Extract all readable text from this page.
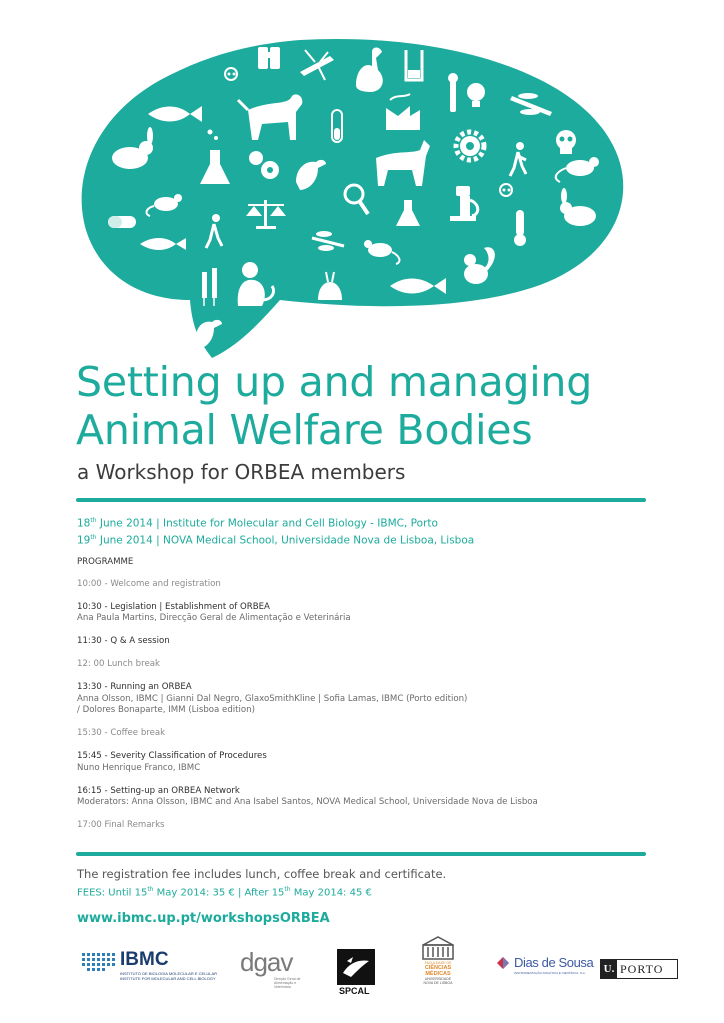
Setting up and managing
Animal Welfare Bodies

a Workshop for ORBEA members

18th June 2014 | Institute for Molecular and Cell Biology - IBMC, Porto
19th June 2014 | NOVA Medical School, Universidade Nova de Lisboa, Lisboa
PROGRAMME
10:00 - Welcome and registration
10:30 - Legislation | Establishment of ORBEA
Ana Paula Martins, Direcção Geral de Alimentação e Veterinária
11:30 - Q & A session
12: 00 Lunch break
13:30 - Running an ORBEA
Anna Olsson, IBMC | Gianni Dal Negro, GlaxoSmithKline | Sofia Lamas, IBMC (Porto edition)
/ Dolores Bonaparte, IMM (Lisboa edition)
15:30 - Coffee break
15:45 - Severity Classification of Procedures
Nuno Henrique Franco, IBMC
16:15 - Setting-up an ORBEA Network
Moderators: Anna Olsson, IBMC and Ana Isabel Santos, NOVA Medical School, Universidade Nova de Lisboa
17:00 Final Remarks
The registration fee includes lunch, coffee break and certificate.
FEES: Until 15th May 2014: 35 € | After 15th May 2014: 45 €
www.ibmc.up.pt/workshopsORBEA
IBMC
INSTITUTO DE BIOLOGIA MOLECULAR E CELULAR
INSTITUTE FOR MOLECULAR AND CELL BIOLOGY
dgav
Direção Geral de Alimentação e Veterinária	SPCAL
FACULDADE DE
CIÊNCIAS
MÉDICAS
UNIVERSIDADE
NOVA DE LISBOA
Dias de Sousa
INSTRUMENTAÇÃO ANALÍTICA E CIENTÍFICA, S.A. U. PORTO
